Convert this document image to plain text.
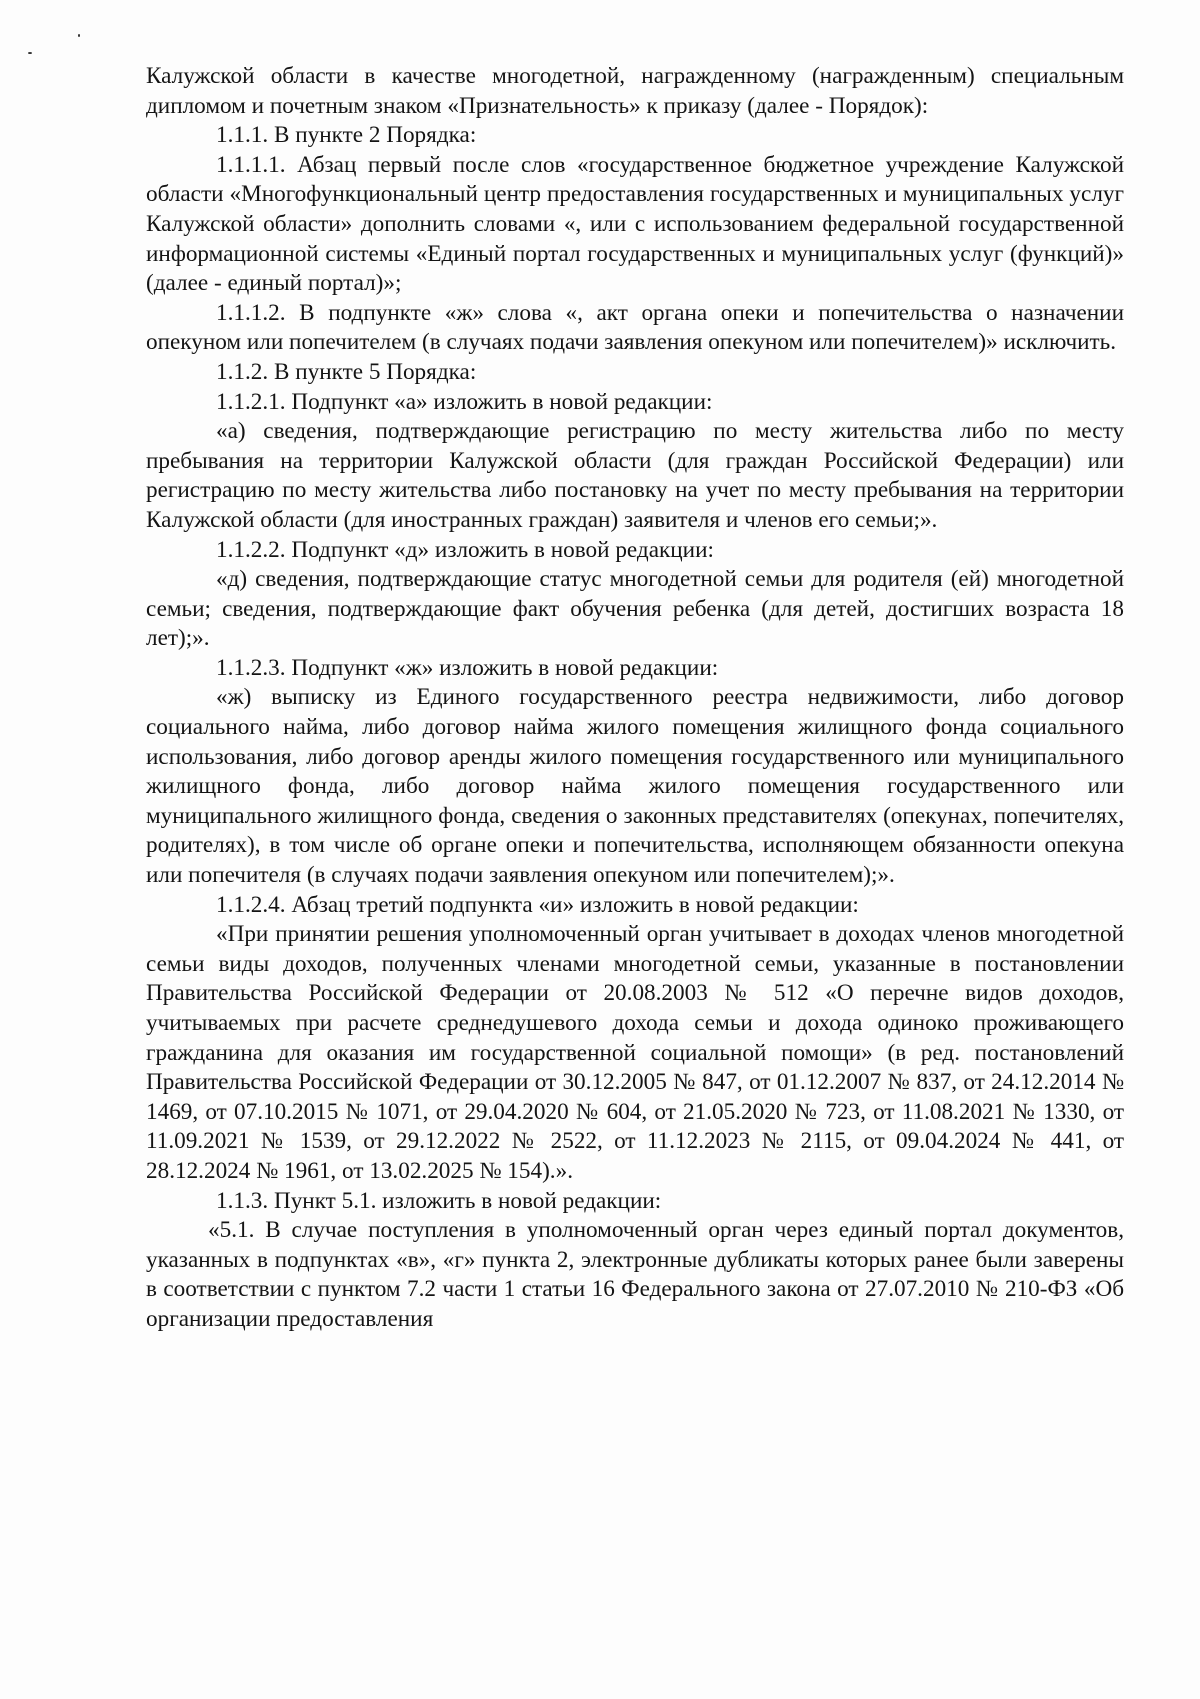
Калужской области в качестве многодетной, награжденному (награжденным) специальным дипломом и почетным знаком «Признательность» к приказу (далее - Порядок):

1.1.1. В пункте 2 Порядка:

1.1.1.1. Абзац первый после слов «государственное бюджетное учреждение Калужской области «Многофункциональный центр предоставления государственных и муниципальных услуг Калужской области» дополнить словами «, или с использованием федеральной государственной информационной системы «Единый портал государственных и муниципальных услуг (функций)» (далее - единый портал)»;

1.1.1.2. В подпункте «ж» слова «, акт органа опеки и попечительства о назначении опекуном или попечителем (в случаях подачи заявления опекуном или попечителем)» исключить.

1.1.2. В пункте 5 Порядка:

1.1.2.1. Подпункт «а» изложить в новой редакции:

«а) сведения, подтверждающие регистрацию по месту жительства либо по месту пребывания на территории Калужской области (для граждан Российской Федерации) или регистрацию по месту жительства либо постановку на учет по месту пребывания на территории Калужской области (для иностранных граждан) заявителя и членов его семьи;».

1.1.2.2. Подпункт «д» изложить в новой редакции:

«д) сведения, подтверждающие статус многодетной семьи для родителя (ей) многодетной семьи; сведения, подтверждающие факт обучения ребенка (для детей, достигших возраста 18 лет);».

1.1.2.3. Подпункт «ж» изложить в новой редакции:

«ж) выписку из Единого государственного реестра недвижимости, либо договор социального найма, либо договор найма жилого помещения жилищного фонда социального использования, либо договор аренды жилого помещения государственного или муниципального жилищного фонда, либо договор найма жилого помещения государственного или муниципального жилищного фонда, сведения о законных представителях (опекунах, попечителях, родителях), в том числе об органе опеки и попечительства, исполняющем обязанности опекуна или попечителя (в случаях подачи заявления опекуном или попечителем);».

1.1.2.4. Абзац третий подпункта «и» изложить в новой редакции:

«При принятии решения уполномоченный орган учитывает в доходах членов многодетной семьи виды доходов, полученных членами многодетной семьи, указанные в постановлении Правительства Российской Федерации от 20.08.2003 № 512 «О перечне видов доходов, учитываемых при расчете среднедушевого дохода семьи и дохода одиноко проживающего гражданина для оказания им государственной социальной помощи» (в ред. постановлений Правительства Российской Федерации от 30.12.2005 № 847, от 01.12.2007 № 837, от 24.12.2014 № 1469, от 07.10.2015 № 1071, от 29.04.2020 № 604, от 21.05.2020 № 723, от 11.08.2021 № 1330, от 11.09.2021 № 1539, от 29.12.2022 № 2522, от 11.12.2023 № 2115, от 09.04.2024 № 441, от 28.12.2024 № 1961, от 13.02.2025 № 154).».

1.1.3. Пункт 5.1. изложить в новой редакции:

«5.1. В случае поступления в уполномоченный орган через единый портал документов, указанных в подпунктах «в», «г» пункта 2, электронные дубликаты которых ранее были заверены в соответствии с пунктом 7.2 части 1 статьи 16 Федерального закона от 27.07.2010 № 210-ФЗ «Об организации предоставления
